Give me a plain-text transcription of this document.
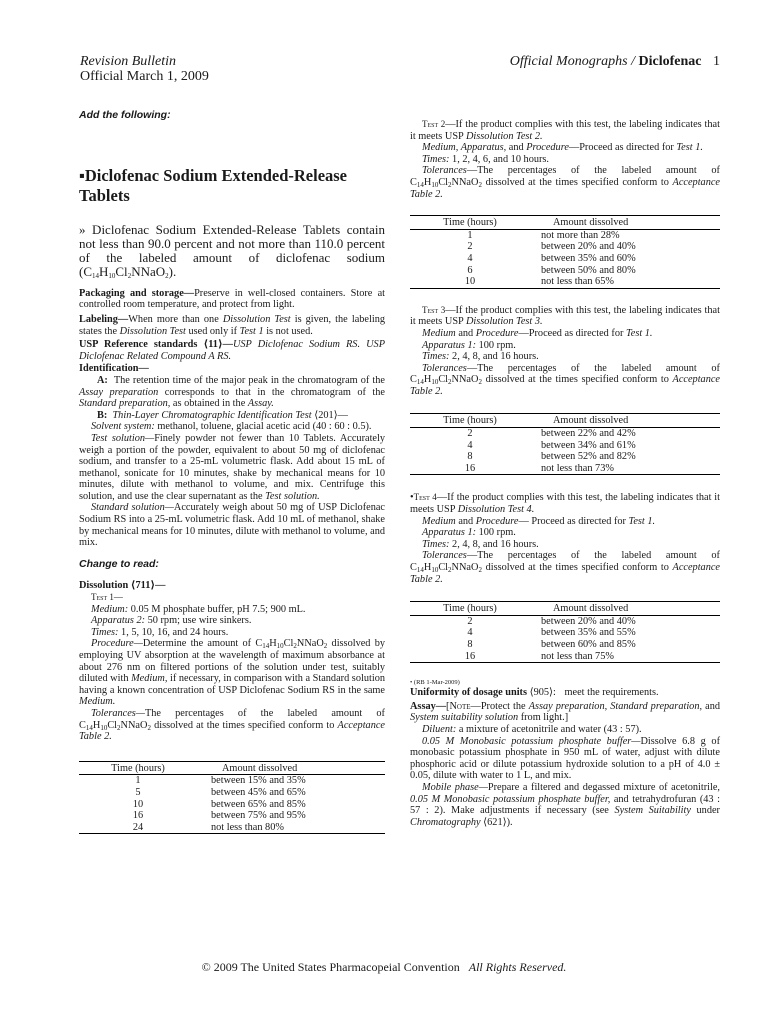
Revision Bulletin
Official March 1, 2009
Official Monographs / Diclofenac 1
Add the following:
▪Diclofenac Sodium Extended-Release Tablets

» Diclofenac Sodium Extended-Release Tablets contain not less than 90.0 percent and not more than 110.0 percent of the labeled amount of diclofenac sodium $(C_{14}H_{10}Cl_2NNaO_2)$.

Packaging and storage—Preserve in well-closed containers. Store at controlled room temperature, and protect from light.

Labeling—When more than one Dissolution Test is given, the labeling states the Dissolution Test used only if Test 1 is not used.

USP Reference standards ⟨11⟩—USP Diclofenac Sodium RS. USP Diclofenac Related Compound A RS.

Identification—

A: The retention time of the major peak in the chromatogram of the Assay preparation corresponds to that in the chromatogram of the Standard preparation, as obtained in the Assay.

B: Thin-Layer Chromatographic Identification Test ⟨201⟩—

Solvent system: methanol, toluene, glacial acetic acid (40 : 60 : 0.5).

Test solution—Finely powder not fewer than 10 Tablets. Accurately weigh a portion of the powder, equivalent to about 50 mg of diclofenac sodium, and transfer to a 25-mL volumetric flask. Add about 15 mL of methanol, sonicate for 10 minutes, shake by mechanical means for 10 minutes, dilute with methanol to volume, and mix. Centrifuge this solution, and use the clear supernatant as the Test solution.

Standard solution—Accurately weigh about 50 mg of USP Diclofenac Sodium RS into a 25-mL volumetric flask. Add 10 mL of methanol, shake by mechanical means for 10 minutes, dilute with methanol to volume, and mix.

Change to read:

Dissolution ⟨711⟩—

Test 1—

Medium: 0.05 M phosphate buffer, pH 7.5; 900 mL.

Apparatus 2: 50 rpm; use wire sinkers.

Times: 1, 5, 10, 16, and 24 hours.

Procedure—Determine the amount of $C_{14}H_{10}Cl_2NNaO_2$ dissolved by employing UV absorption at the wavelength of maximum absorbance at about 276 nm on filtered portions of the solution under test, suitably diluted with Medium, if necessary, in comparison with a Standard solution having a known concentration of USP Diclofenac Sodium RS in the same Medium.

Tolerances—The percentages of the labeled amount of $C_{14}H_{10}Cl_2NNaO_2$ dissolved at the times specified conform to Acceptance Table 2.

Time (hours)	Amount dissolved
1	between 15% and 35%
5	between 45% and 65%
10	between 65% and 85%
16	between 75% and 95%
24	not less than 80%

Test 2—If the product complies with this test, the labeling indicates that it meets USP Dissolution Test 2.

Medium, Apparatus, and Procedure—Proceed as directed for Test 1.

Times: 1, 2, 4, 6, and 10 hours.

Tolerances—The percentages of the labeled amount of $C_{14}H_{10}Cl_2NNaO_2$ dissolved at the times specified conform to Acceptance Table 2.

Time (hours)	Amount dissolved
1	not more than 28%
2	between 20% and 40%
4	between 35% and 60%
6	between 50% and 80%
10	not less than 65%

Test 3—If the product complies with this test, the labeling indicates that it meets USP Dissolution Test 3.

Medium and Procedure—Proceed as directed for Test 1.

Apparatus 1: 100 rpm.

Times: 2, 4, 8, and 16 hours.

Tolerances—The percentages of the labeled amount of $C_{14}H_{10}Cl_2NNaO_2$ dissolved at the times specified conform to Acceptance Table 2.

Time (hours)	Amount dissolved
2	between 22% and 42%
4	between 34% and 61%
8	between 52% and 82%
16	not less than 73%

•Test 4—If the product complies with this test, the labeling indicates that it meets USP Dissolution Test 4.

Medium and Procedure— Proceed as directed for Test 1.

Apparatus 1: 100 rpm.

Times: 2, 4, 8, and 16 hours.

Tolerances—The percentages of the labeled amount of $C_{14}H_{10}Cl_2NNaO_2$ dissolved at the times specified conform to Acceptance Table 2.

Time (hours)	Amount dissolved
2	between 20% and 40%
4	between 35% and 55%
8	between 60% and 85%
16	not less than 75%

• (RB 1-Mar-2009)

Uniformity of dosage units ⟨905⟩: meet the requirements.

Assay—[Note—Protect the Assay preparation, Standard preparation, and System suitability solution from light.]

Diluent: a mixture of acetonitrile and water (43 : 57).

0.05 M Monobasic potassium phosphate buffer—Dissolve 6.8 g of monobasic potassium phosphate in 950 mL of water, adjust with dilute phosphoric acid or dilute potassium hydroxide solution to a pH of 4.0 ± 0.05, dilute with water to 1 L, and mix.

Mobile phase—Prepare a filtered and degassed mixture of acetonitrile, 0.05 M Monobasic potassium phosphate buffer, and tetrahydrofuran (43 : 57 : 2). Make adjustments if necessary (see System Suitability under Chromatography ⟨621⟩).

© 2009 The United States Pharmacopeial Convention All Rights Reserved.
